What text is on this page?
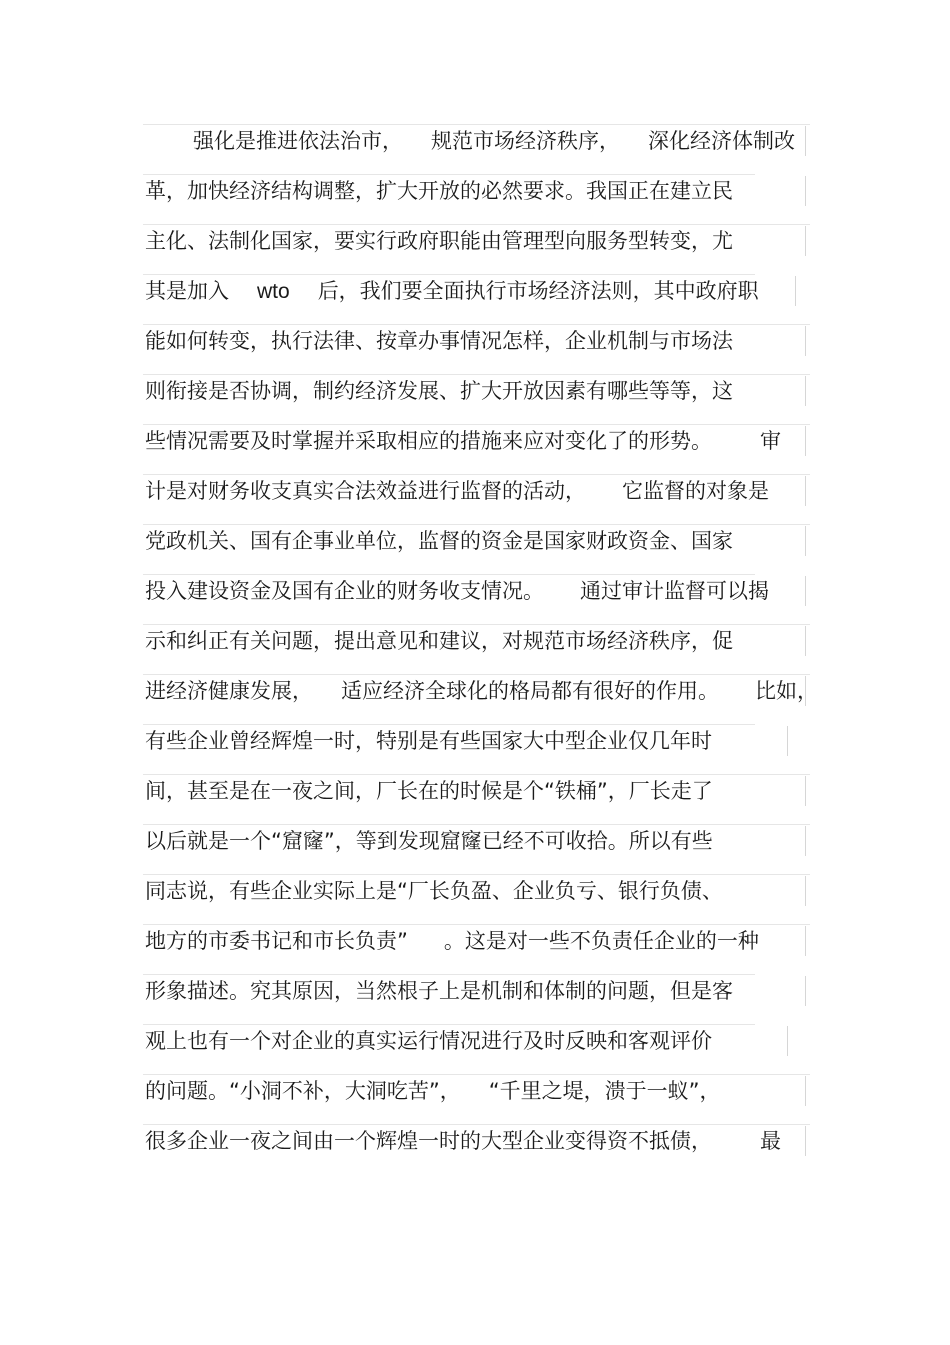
强化是推进依法治市， 规范市场经济秩序， 深化经济体制改
革，加快经济结构调整，扩大开放的必然要求。我国正在建立民
主化、法制化国家，要实行政府职能由管理型向服务型转变，尤
其是加入 wto 后，我们要全面执行市场经济法则，其中政府职
能如何转变，执行法律、按章办事情况怎样，企业机制与市场法
则衔接是否协调，制约经济发展、扩大开放因素有哪些等等，这
些情况需要及时掌握并采取相应的措施来应对变化了的形势。 审
计是对财务收支真实合法效益进行监督的活动， 它监督的对象是
党政机关、国有企事业单位，监督的资金是国家财政资金、国家
投入建设资金及国有企业的财务收支情况。 通过审计监督可以揭
示和纠正有关问题，提出意见和建议，对规范市场经济秩序，促
进经济健康发展， 适应经济全球化的格局都有很好的作用。 比如，
有些企业曾经辉煌一时，特别是有些国家大中型企业仅几年时
间，甚至是在一夜之间，厂长在的时候是个“铁桶”，厂长走了
以后就是一个“窟窿”，等到发现窟窿已经不可收拾。所以有些
同志说，有些企业实际上是“厂长负盈、企业负亏、银行负债、
地方的市委书记和市长负责” 。这是对一些不负责任企业的一种
形象描述。究其原因，当然根子上是机制和体制的问题，但是客
观上也有一个对企业的真实运行情况进行及时反映和客观评价
的问题。“小洞不补，大洞吃苦”， “千里之堤，溃于一蚁”，
很多企业一夜之间由一个辉煌一时的大型企业变得资不抵债， 最
